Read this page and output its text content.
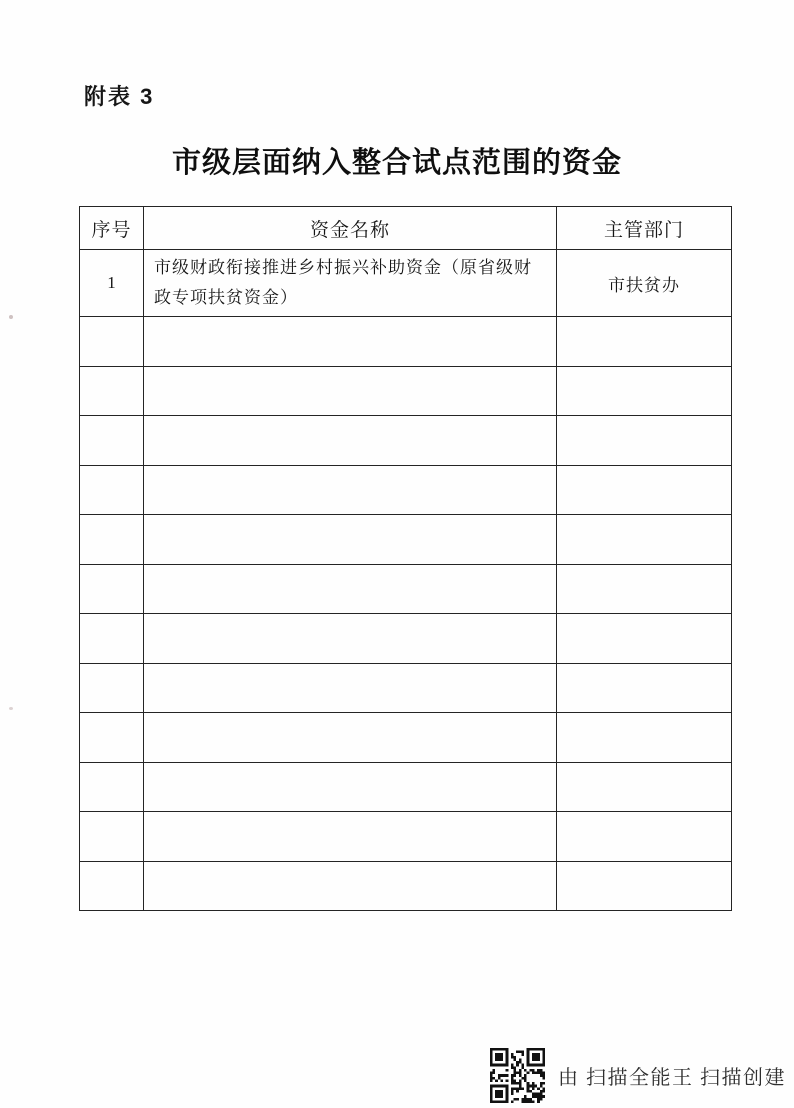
附表 3
市级层面纳入整合试点范围的资金
序号	资金名称	主管部门
1	市级财政衔接推进乡村振兴补助资金（原省级财政专项扶贫资金）	市扶贫办

由 扫描全能王 扫描创建
